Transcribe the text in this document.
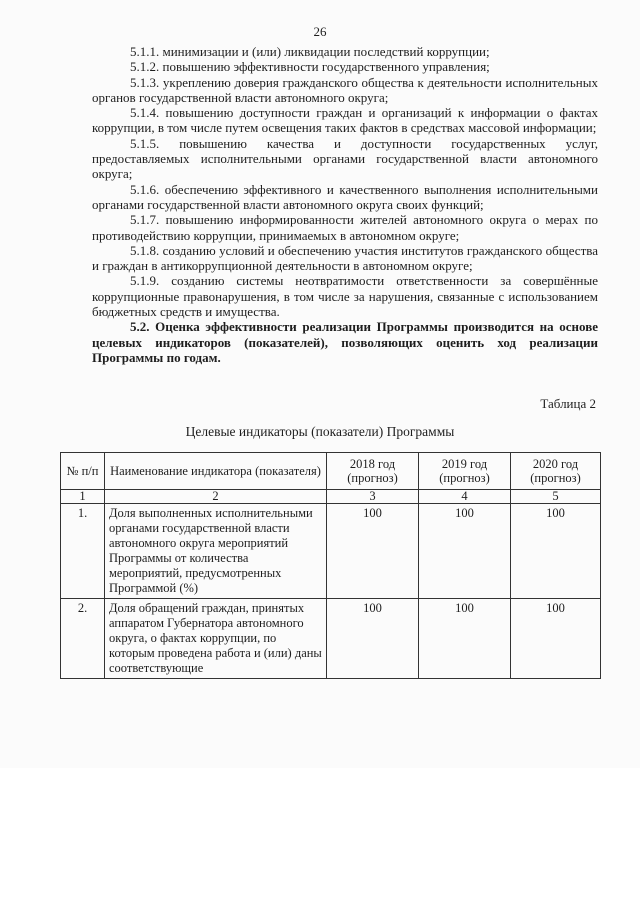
26

5.1.1. минимизации и (или) ликвидации последствий коррупции;

5.1.2. повышению эффективности государственного управления;

5.1.3. укреплению доверия гражданского общества к деятельности исполнительных органов государственной власти автономного округа;

5.1.4. повышению доступности граждан и организаций к информации о фактах коррупции, в том числе путем освещения таких фактов в средствах массовой информации;

5.1.5. повышению качества и доступности государственных услуг, предоставляемых исполнительными органами государственной власти автономного округа;

5.1.6. обеспечению эффективного и качественного выполнения исполнительными органами государственной власти автономного округа своих функций;

5.1.7. повышению информированности жителей автономного округа о мерах по противодействию коррупции, принимаемых в автономном округе;

5.1.8. созданию условий и обеспечению участия институтов гражданского общества и граждан в антикоррупционной деятельности в автономном округе;

5.1.9. созданию системы неотвратимости ответственности за совершённые коррупционные правонарушения, в том числе за нарушения, связанные с использованием бюджетных средств и имущества.

5.2. Оценка эффективности реализации Программы производится на основе целевых индикаторов (показателей), позволяющих оценить ход реализации Программы по годам.

Таблица 2
Целевые индикаторы (показатели) Программы
№ п/п	Наименование индикатора (показателя)	2018 год (прогноз)	2019 год (прогноз)	2020 год (прогноз)
1	2	3	4	5
1.	Доля выполненных исполнительными органами государственной власти автономного округа мероприятий Программы от количества мероприятий, предусмотренных Программой (%)	100	100	100
2.	Доля обращений граждан, принятых аппаратом Губернатора автономного округа, о фактах коррупции, по которым проведена работа и (или) даны соответствующие	100	100	100
